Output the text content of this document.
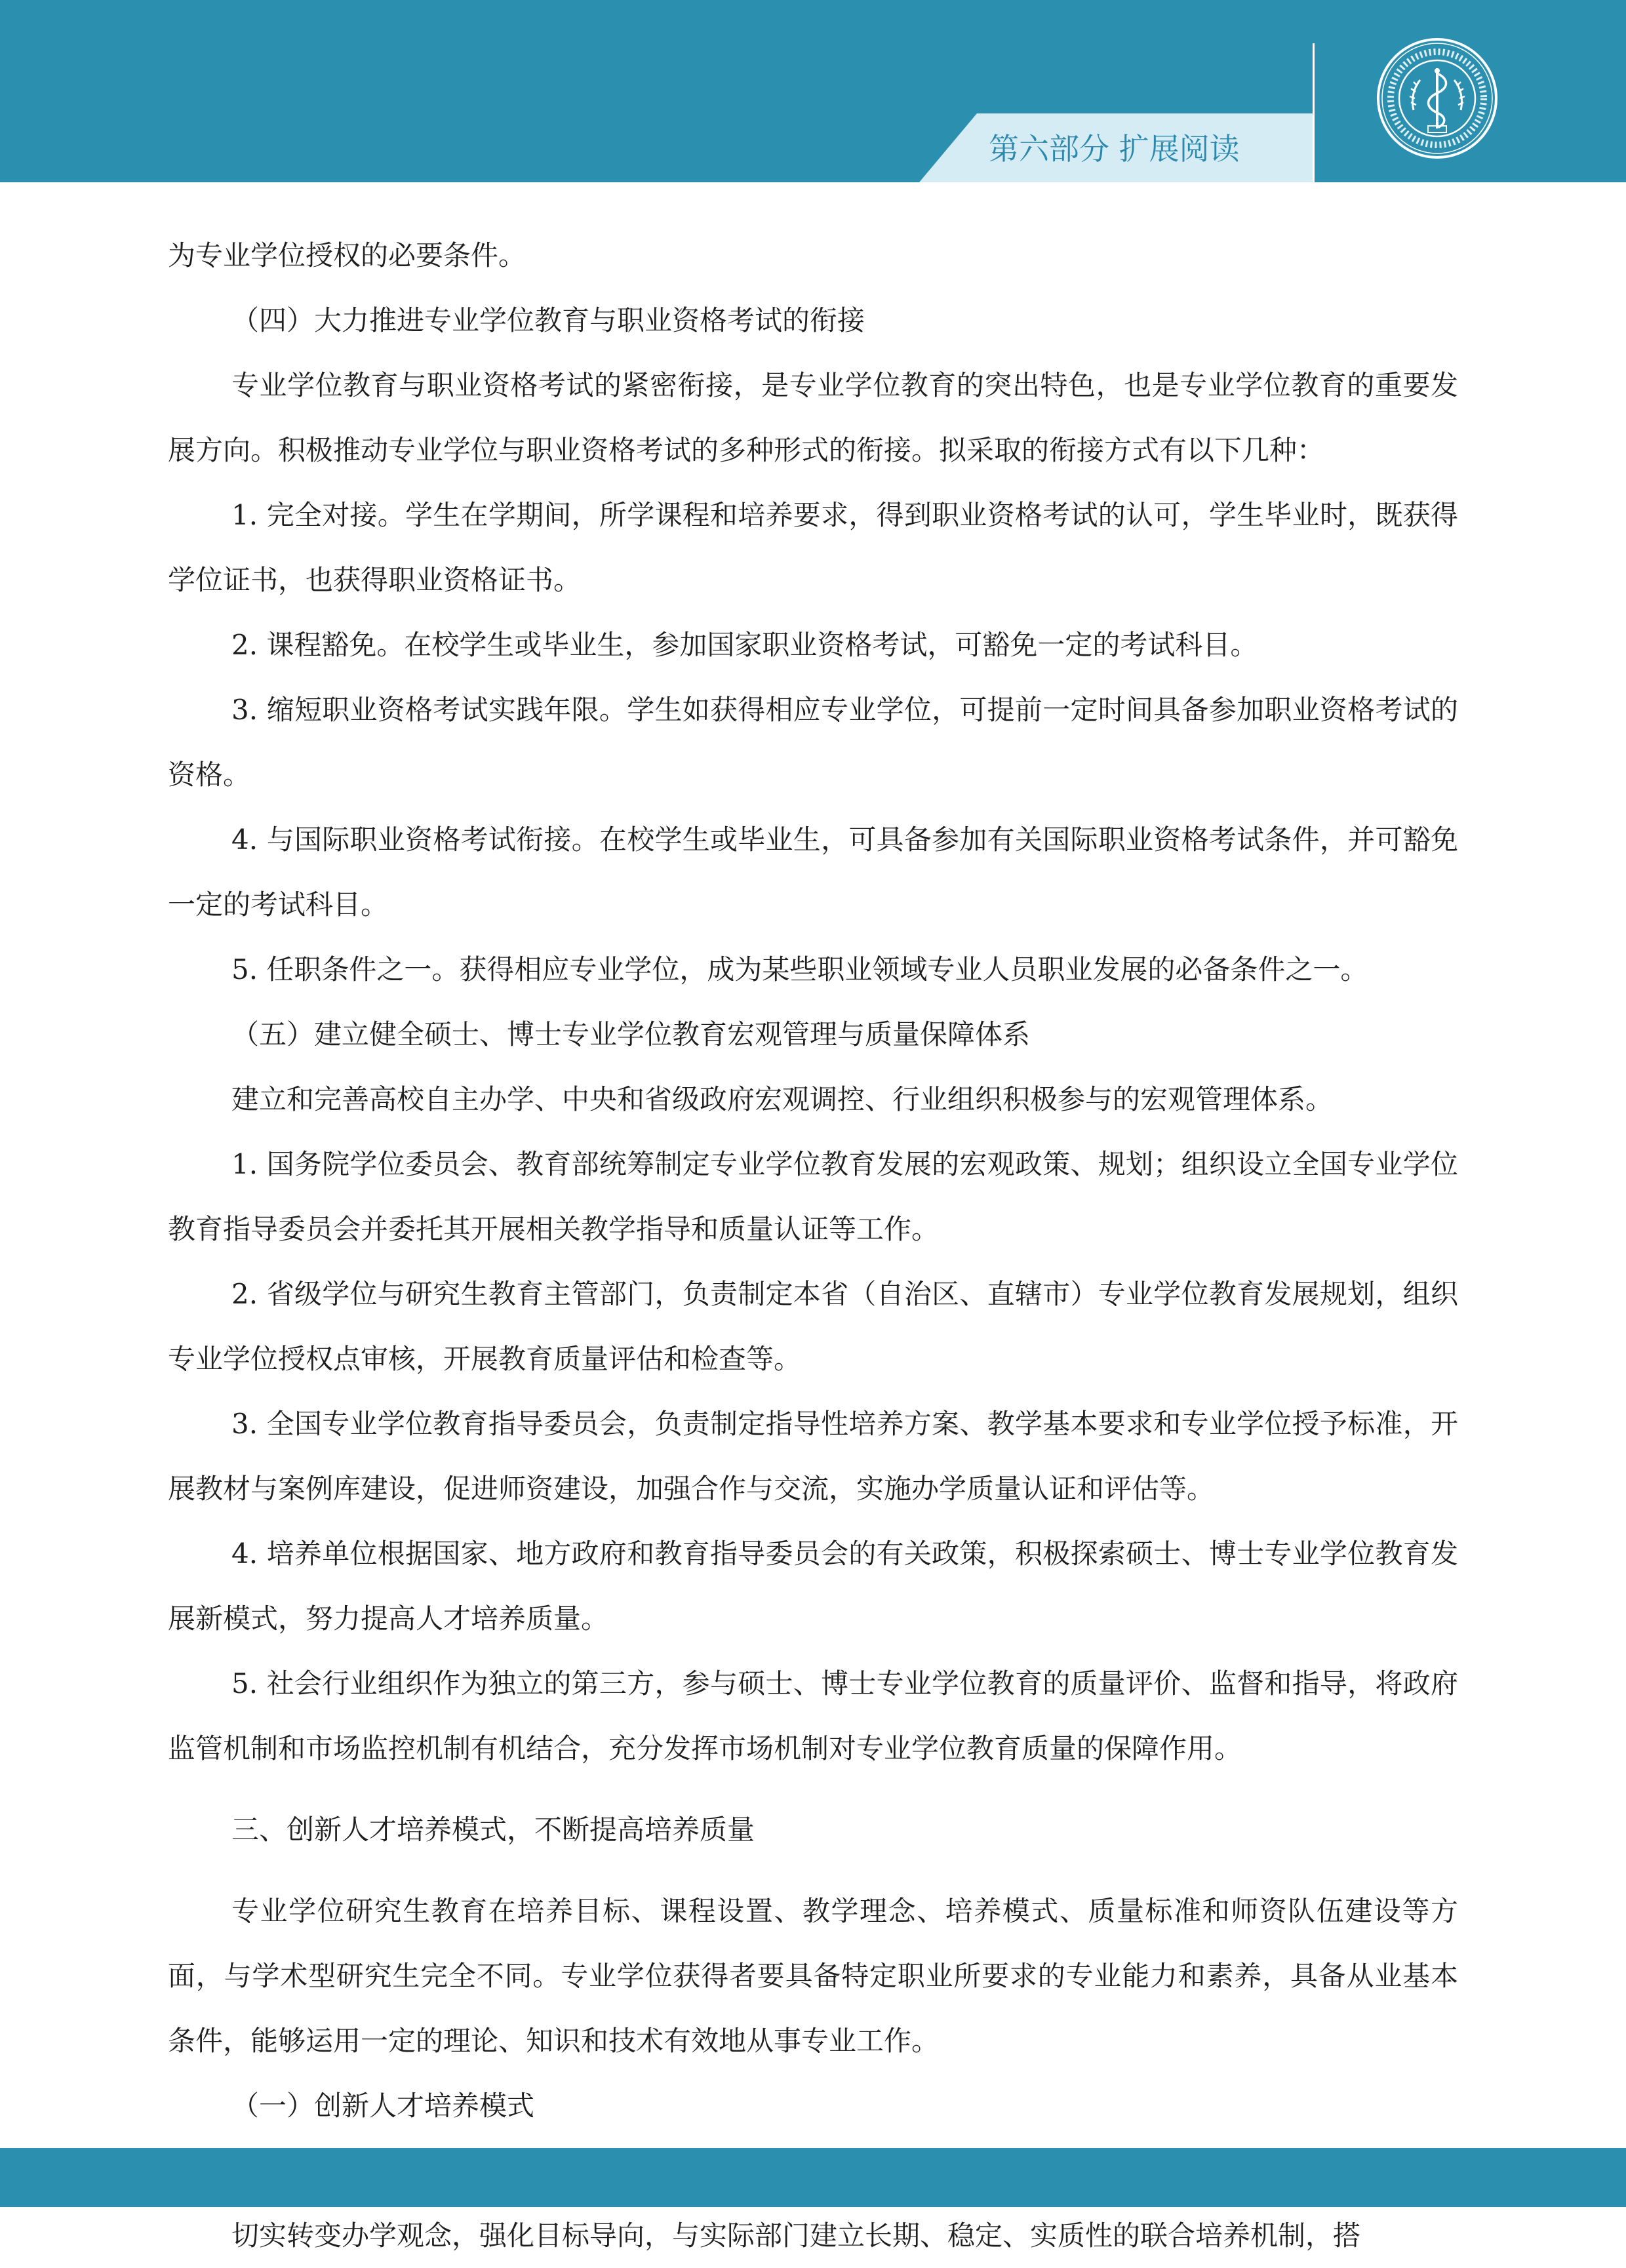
第六部分 扩展阅读

为专业学位授权的必要条件。

（四）大力推进专业学位教育与职业资格考试的衔接

专业学位教育与职业资格考试的紧密衔接，是专业学位教育的突出特色，也是专业学位教育的重要发展方向。积极推动专业学位与职业资格考试的多种形式的衔接。拟采取的衔接方式有以下几种：

1. 完全对接。学生在学期间，所学课程和培养要求，得到职业资格考试的认可，学生毕业时，既获得学位证书，也获得职业资格证书。

2. 课程豁免。在校学生或毕业生，参加国家职业资格考试，可豁免一定的考试科目。

3. 缩短职业资格考试实践年限。学生如获得相应专业学位，可提前一定时间具备参加职业资格考试的资格。

4. 与国际职业资格考试衔接。在校学生或毕业生，可具备参加有关国际职业资格考试条件，并可豁免一定的考试科目。

5. 任职条件之一。获得相应专业学位，成为某些职业领域专业人员职业发展的必备条件之一。

（五）建立健全硕士、博士专业学位教育宏观管理与质量保障体系

建立和完善高校自主办学、中央和省级政府宏观调控、行业组织积极参与的宏观管理体系。

1. 国务院学位委员会、教育部统筹制定专业学位教育发展的宏观政策、规划；组织设立全国专业学位教育指导委员会并委托其开展相关教学指导和质量认证等工作。

2. 省级学位与研究生教育主管部门，负责制定本省（自治区、直辖市）专业学位教育发展规划，组织专业学位授权点审核，开展教育质量评估和检查等。

3. 全国专业学位教育指导委员会，负责制定指导性培养方案、教学基本要求和专业学位授予标准，开展教材与案例库建设，促进师资建设，加强合作与交流，实施办学质量认证和评估等。

4. 培养单位根据国家、地方政府和教育指导委员会的有关政策，积极探索硕士、博士专业学位教育发展新模式，努力提高人才培养质量。

5. 社会行业组织作为独立的第三方，参与硕士、博士专业学位教育的质量评价、监督和指导，将政府监管机制和市场监控机制有机结合，充分发挥市场机制对专业学位教育质量的保障作用。

三、创新人才培养模式，不断提高培养质量

专业学位研究生教育在培养目标、课程设置、教学理念、培养模式、质量标准和师资队伍建设等方面，与学术型研究生完全不同。专业学位获得者要具备特定职业所要求的专业能力和素养，具备从业基本条件，能够运用一定的理论、知识和技术有效地从事专业工作。

（一）创新人才培养模式

切实转变办学观念，强化目标导向，与实际部门建立长期、稳定、实质性的联合培养机制，搭
